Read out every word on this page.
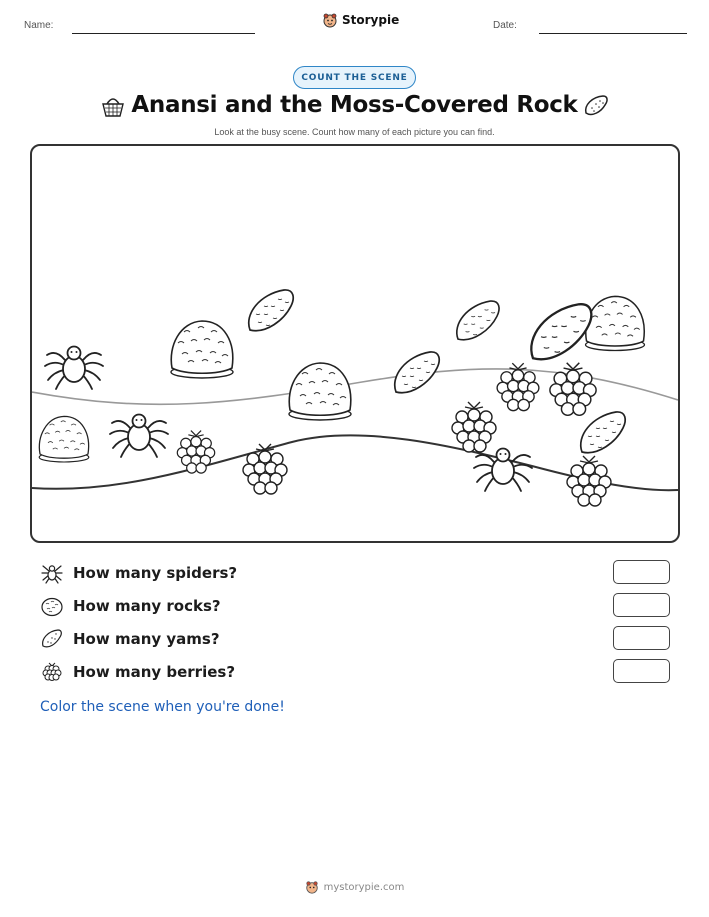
Name:	Storypie	Date:
COUNT THE SCENE
Anansi and the Moss-Covered Rock
Look at the busy scene. Count how many of each picture you can find.
How many spiders?
How many rocks?
How many yams?
How many berries?
Color the scene when you're done!
mystorypie.com
